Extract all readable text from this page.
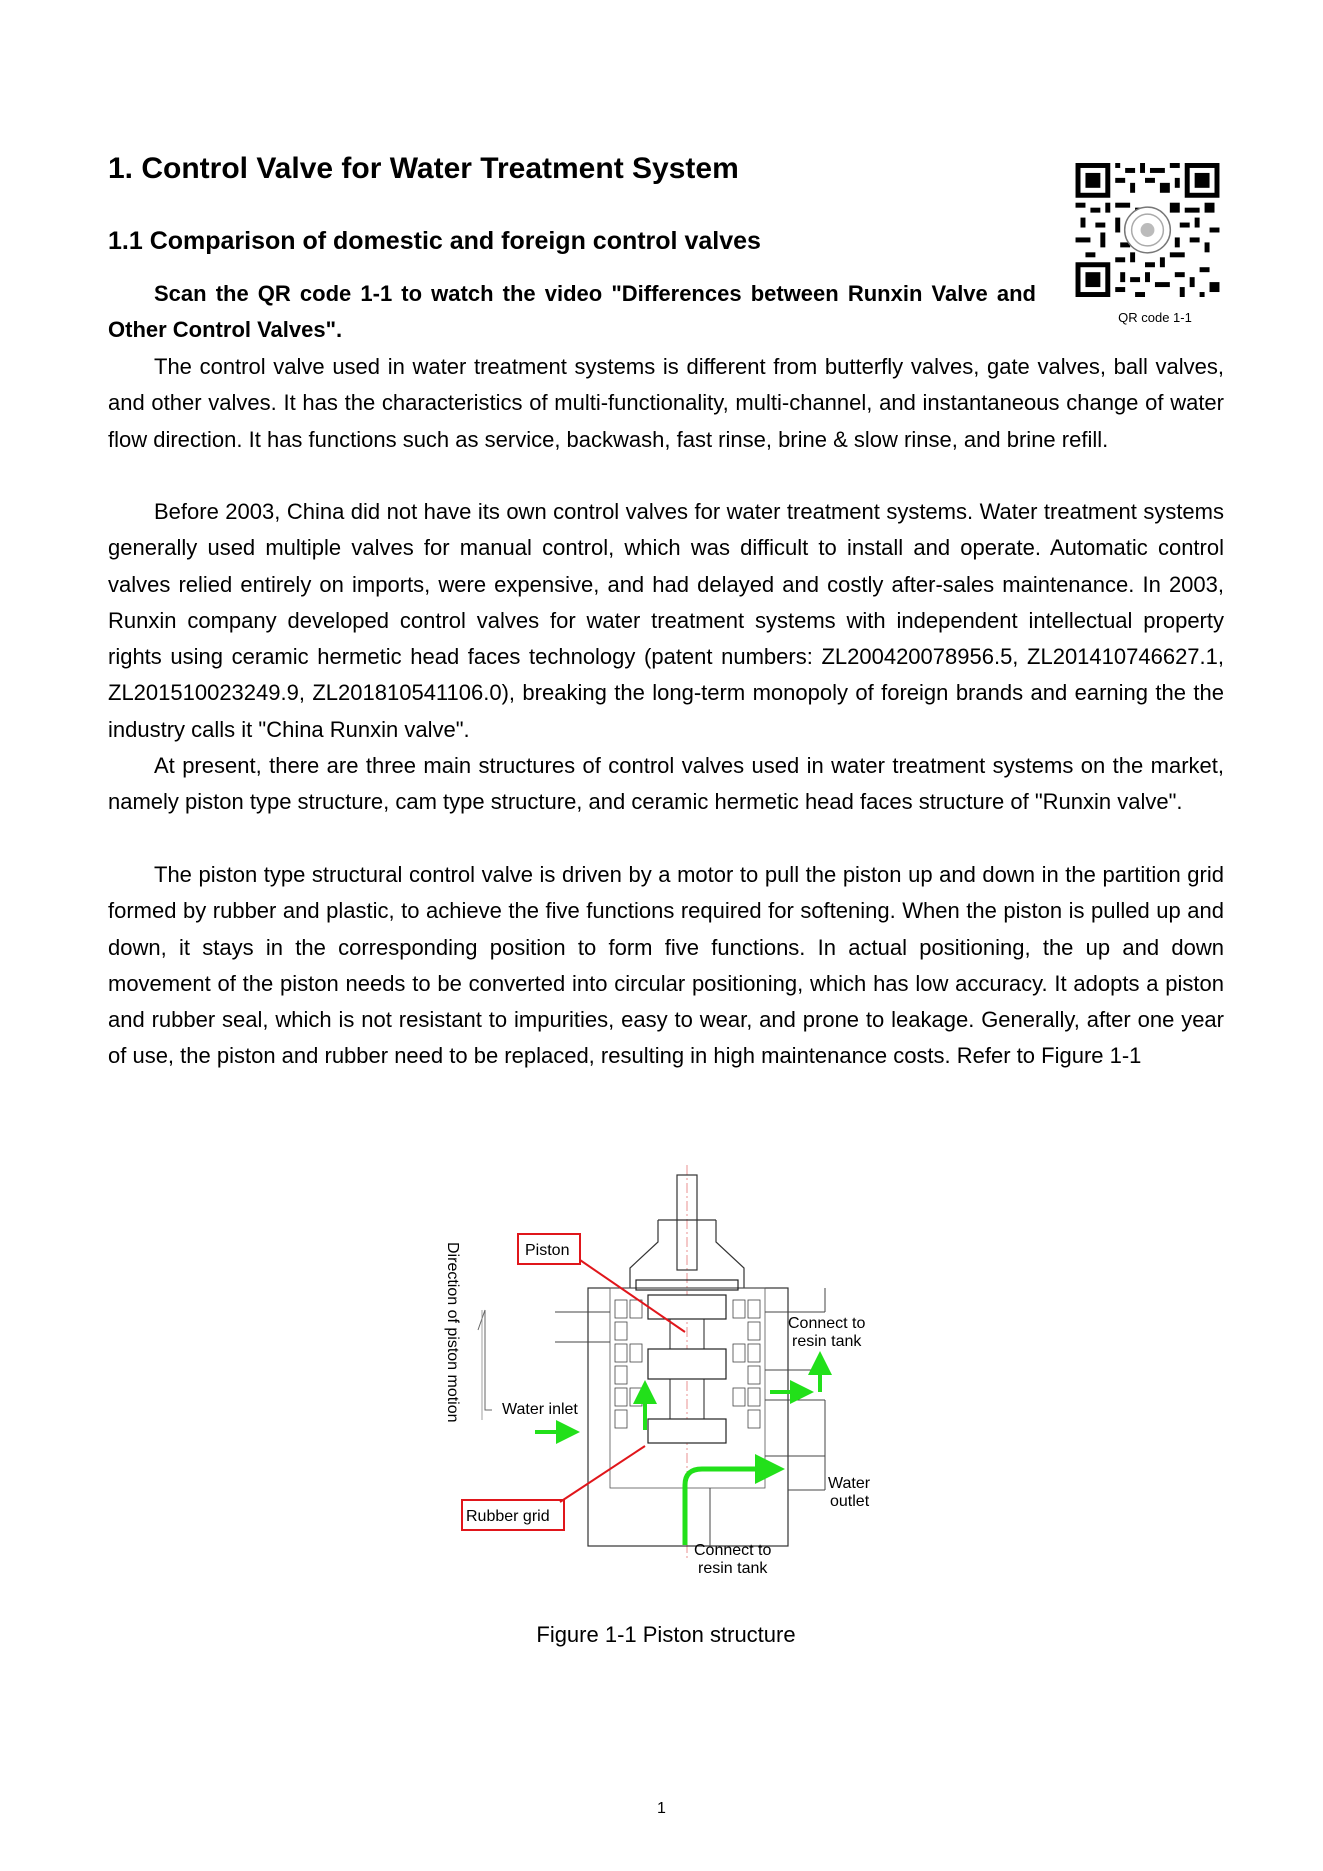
1. Control Valve for Water Treatment System
1.1 Comparison of domestic and foreign control valves
QR code 1-1

Scan the QR code 1-1 to watch the video "Differences between Runxin Valve and Other Control Valves".

The control valve used in water treatment systems is different from butterfly valves, gate valves, ball valves, and other valves. It has the characteristics of multi-functionality, multi-channel, and instantaneous change of water flow direction. It has functions such as service, backwash, fast rinse, brine & slow rinse, and brine refill.

Before 2003, China did not have its own control valves for water treatment systems. Water treatment systems generally used multiple valves for manual control, which was difficult to install and operate. Automatic control valves relied entirely on imports, were expensive, and had delayed and costly after-sales maintenance. In 2003, Runxin company developed control valves for water treatment systems with independent intellectual property rights using ceramic hermetic head faces technology (patent numbers: ZL200420078956.5, ZL201410746627.1, ZL201510023249.9, ZL201810541106.0), breaking the long-term monopoly of foreign brands and earning the the industry calls it "China Runxin valve".

At present, there are three main structures of control valves used in water treatment systems on the market, namely piston type structure, cam type structure, and ceramic hermetic head faces structure of "Runxin valve".

The piston type structural control valve is driven by a motor to pull the piston up and down in the partition grid formed by rubber and plastic, to achieve the five functions required for softening. When the piston is pulled up and down, it stays in the corresponding position to form five functions. In actual positioning, the up and down movement of the piston needs to be converted into circular positioning, which has low accuracy. It adopts a piston and rubber seal, which is not resistant to impurities, easy to wear, and prone to leakage. Generally, after one year of use, the piston and rubber need to be replaced, resulting in high maintenance costs. Refer to Figure 1-1

Direction of piston motion	Piston
Rubber grid
Water inlet
Connect to
resin tank
Water
outlet
Connect to
resin tank
Figure 1-1 Piston structure
1
